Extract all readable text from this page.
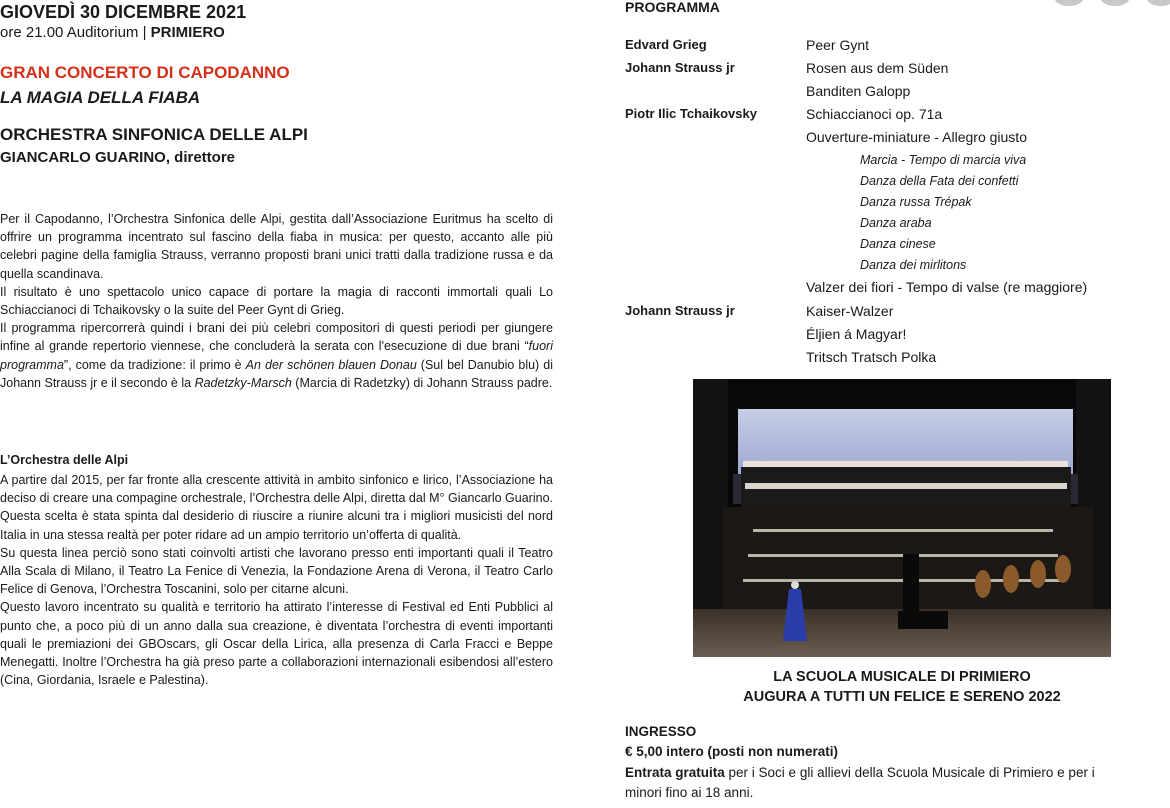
GIOVEDÌ 30 DICEMBRE 2021
ore 21.00 Auditorium | PRIMIERO
GRAN CONCERTO DI CAPODANNO
LA MAGIA DELLA FIABA
ORCHESTRA SINFONICA DELLE ALPI
GIANCARLO GUARINO, direttore

Per il Capodanno, l’Orchestra Sinfonica delle Alpi, gestita dall’Associazione Euritmus ha scelto di offrire un programma incentrato sul fascino della fiaba in musica: per questo, accanto alle più celebri pagine della famiglia Strauss, verranno proposti brani unici tratti dalla tradizione russa e da quella scandinava.

Il risultato è uno spettacolo unico capace di portare la magia di racconti immortali quali Lo Schiaccianoci di Tchaikovsky o la suite del Peer Gynt di Grieg.

Il programma ripercorrerà quindi i brani dei più celebri compositori di questi periodi per giungere infine al grande repertorio viennese, che concluderà la serata con l'esecuzione di due brani “fuori programma”, come da tradizione: il primo è An der schönen blauen Donau (Sul bel Danubio blu) di Johann Strauss jr e il secondo è la Radetzky-Marsch (Marcia di Radetzky) di Johann Strauss padre.

L’Orchestra delle Alpi

A partire dal 2015, per far fronte alla crescente attività in ambito sinfonico e lirico, l’Associazione ha deciso di creare una compagine orchestrale, l’Orchestra delle Alpi, diretta dal M° Giancarlo Guarino. Questa scelta è stata spinta dal desiderio di riuscire a riunire alcuni tra i migliori musicisti del nord Italia in una stessa realtà per poter ridare ad un ampio territorio un’offerta di qualità.

Su questa linea perciò sono stati coinvolti artisti che lavorano presso enti importanti quali il Teatro Alla Scala di Milano, il Teatro La Fenice di Venezia, la Fondazione Arena di Verona, il Teatro Carlo Felice di Genova, l’Orchestra Toscanini, solo per citarne alcuni.

Questo lavoro incentrato su qualità e territorio ha attirato l’interesse di Festival ed Enti Pubblici al punto che, a poco più di un anno dalla sua creazione, è diventata l’orchestra di eventi importanti quali le premiazioni dei GBOscars, gli Oscar della Lirica, alla presenza di Carla Fracci e Beppe Menegatti. Inoltre l’Orchestra ha già preso parte a collaborazioni internazionali esibendosi all’estero (Cina, Giordania, Israele e Palestina).

PROGRAMMA
Edvard Grieg	Peer Gynt
Johann Strauss jr	Rosen aus dem Süden
Banditen Galopp
Piotr Ilic Tchaikovsky	Schiaccianoci op. 71a
Ouverture-miniature - Allegro giusto
Marcia - Tempo di marcia viva
Danza della Fata dei confetti
Danza russa Trépak
Danza araba
Danza cinese
Danza dei mirlitons
Valzer dei fiori - Tempo di valse (re maggiore)
Johann Strauss jr	Kaiser-Walzer
Éljien á Magyar!
Tritsch Tratsch Polka
LA SCUOLA MUSICALE DI PRIMIERO
AUGURA A TUTTI UN FELICE E SERENO 2022
INGRESSO
€ 5,00 intero (posti non numerati)
Entrata gratuita per i Soci e gli allievi della Scuola Musicale di Primiero e per i
minori fino ai 18 anni.
